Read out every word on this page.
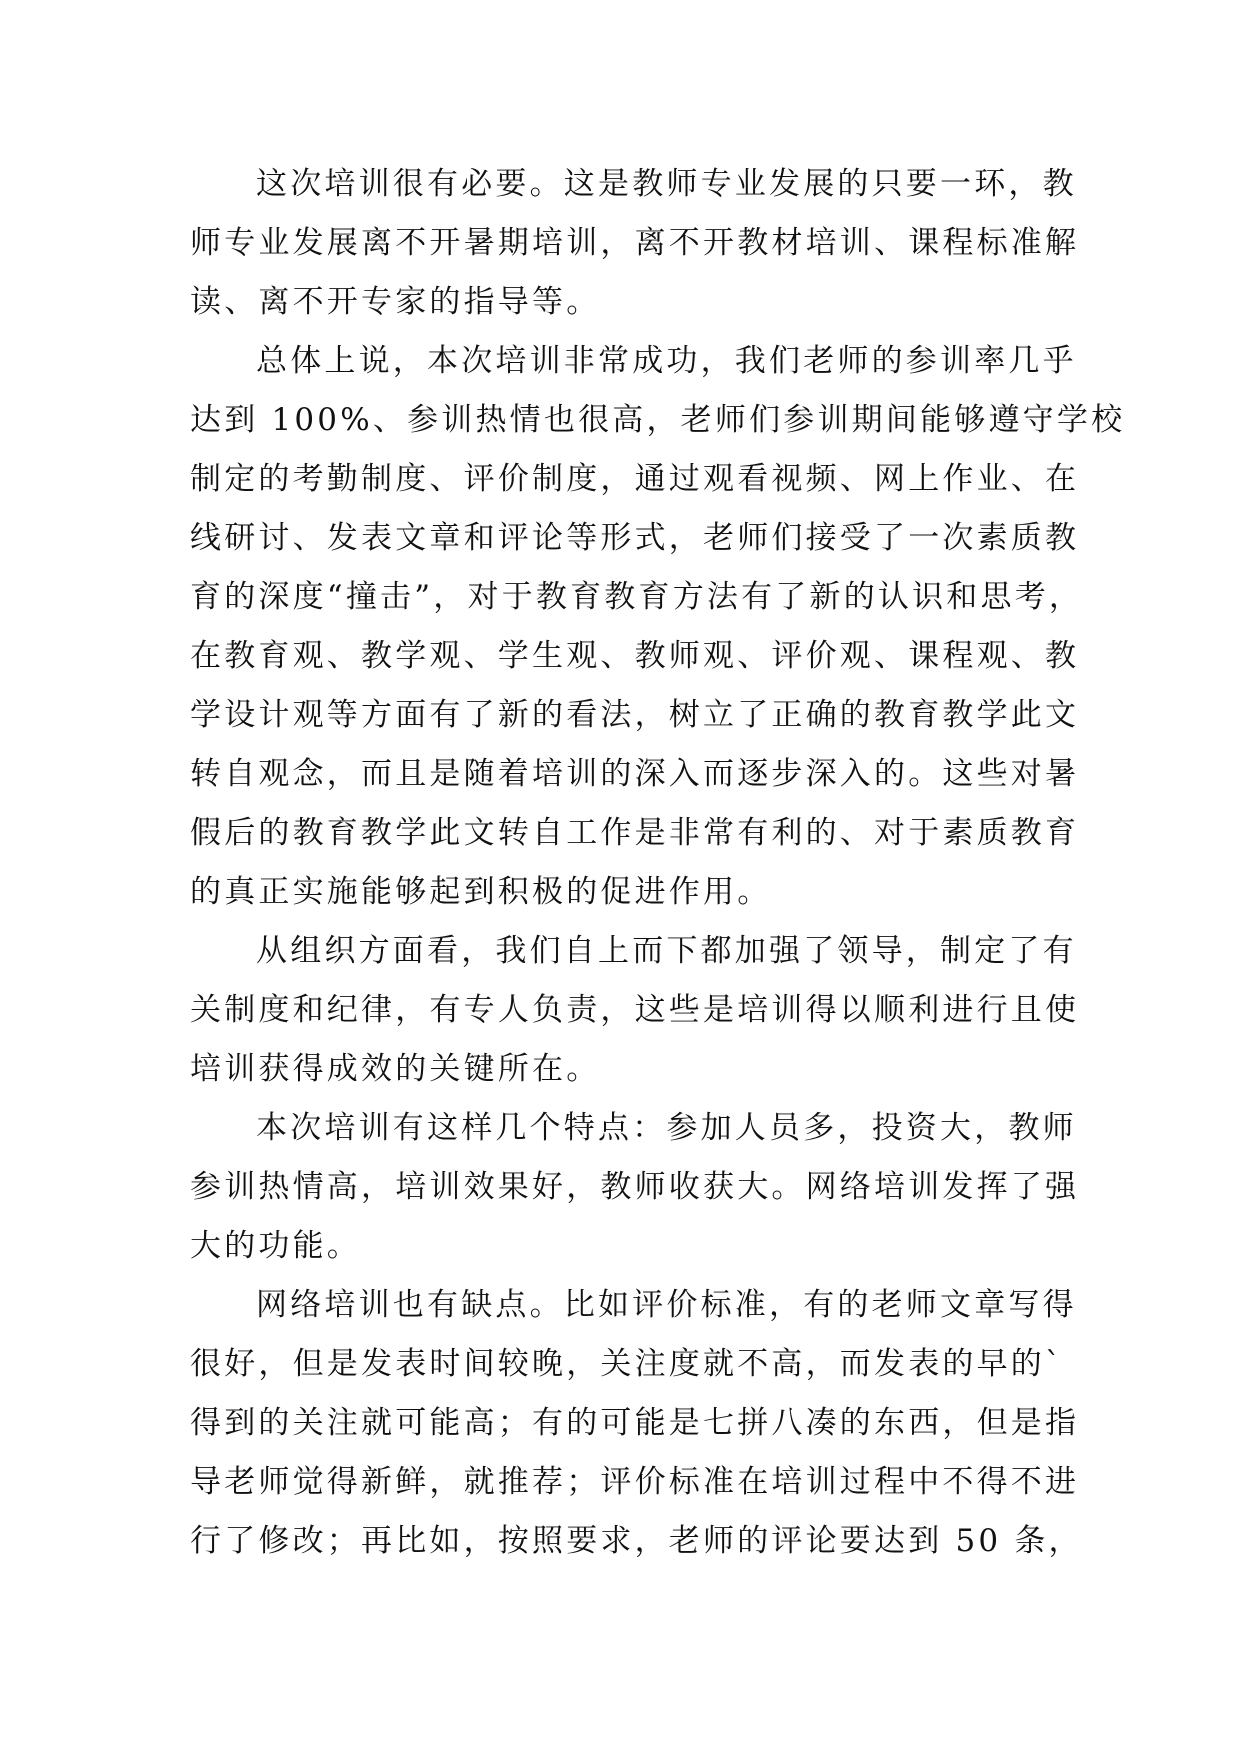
这次培训很有必要。这是教师专业发展的只要一环，教
师专业发展离不开暑期培训，离不开教材培训、课程标准解
读、离不开专家的指导等。
总体上说，本次培训非常成功，我们老师的参训率几乎
达到 100%、参训热情也很高，老师们参训期间能够遵守学校
制定的考勤制度、评价制度，通过观看视频、网上作业、在
线研讨、发表文章和评论等形式，老师们接受了一次素质教
育的深度“撞击”，对于教育教育方法有了新的认识和思考，
在教育观、教学观、学生观、教师观、评价观、课程观、教
学设计观等方面有了新的看法，树立了正确的教育教学此文
转自观念，而且是随着培训的深入而逐步深入的。这些对暑
假后的教育教学此文转自工作是非常有利的、对于素质教育
的真正实施能够起到积极的促进作用。
从组织方面看，我们自上而下都加强了领导，制定了有
关制度和纪律，有专人负责，这些是培训得以顺利进行且使
培训获得成效的关键所在。
本次培训有这样几个特点：参加人员多，投资大，教师
参训热情高，培训效果好，教师收获大。网络培训发挥了强
大的功能。
网络培训也有缺点。比如评价标准，有的老师文章写得
很好，但是发表时间较晚，关注度就不高，而发表的早的`
得到的关注就可能高；有的可能是七拼八凑的东西，但是指
导老师觉得新鲜，就推荐；评价标准在培训过程中不得不进
行了修改；再比如，按照要求，老师的评论要达到 50 条，
